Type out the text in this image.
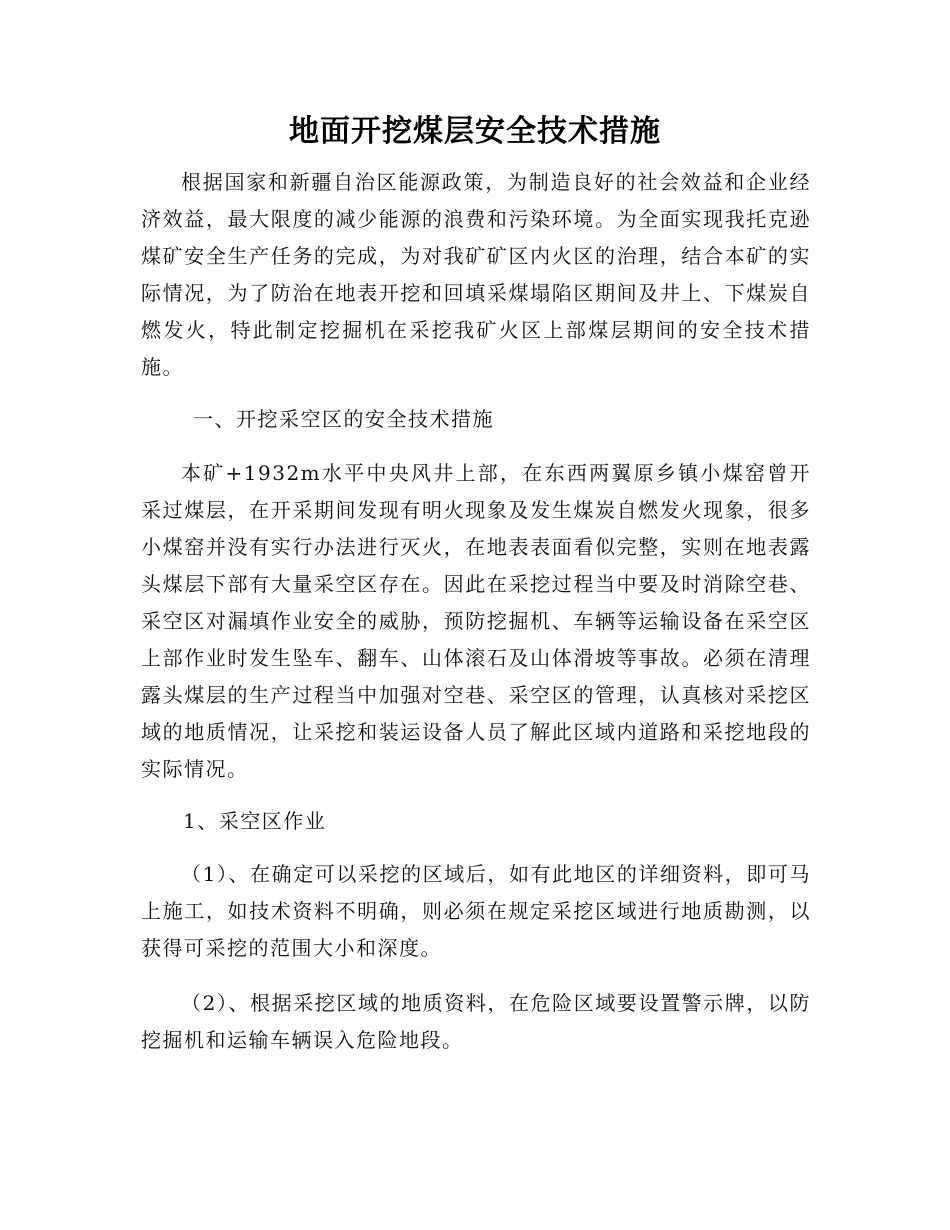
地面开挖煤层安全技术措施

根据国家和新疆自治区能源政策，为制造良好的社会效益和企业经济效益，最大限度的减少能源的浪费和污染环境。为全面实现我托克逊煤矿安全生产任务的完成，为对我矿矿区内火区的治理，结合本矿的实际情况，为了防治在地表开挖和回填采煤塌陷区期间及井上、下煤炭自燃发火，特此制定挖掘机在采挖我矿火区上部煤层期间的安全技术措施。

一、开挖采空区的安全技术措施

本矿+1932m水平中央风井上部，在东西两翼原乡镇小煤窑曾开采过煤层，在开采期间发现有明火现象及发生煤炭自燃发火现象，很多小煤窑并没有实行办法进行灭火，在地表表面看似完整，实则在地表露头煤层下部有大量采空区存在。因此在采挖过程当中要及时消除空巷、采空区对漏填作业安全的威胁，预防挖掘机、车辆等运输设备在采空区上部作业时发生坠车、翻车、山体滚石及山体滑坡等事故。必须在清理露头煤层的生产过程当中加强对空巷、采空区的管理，认真核对采挖区域的地质情况，让采挖和装运设备人员了解此区域内道路和采挖地段的实际情况。

1、采空区作业

（1）、在确定可以采挖的区域后，如有此地区的详细资料，即可马上施工，如技术资料不明确，则必须在规定采挖区域进行地质勘测，以获得可采挖的范围大小和深度。

（2）、根据采挖区域的地质资料，在危险区域要设置警示牌，以防挖掘机和运输车辆误入危险地段。
